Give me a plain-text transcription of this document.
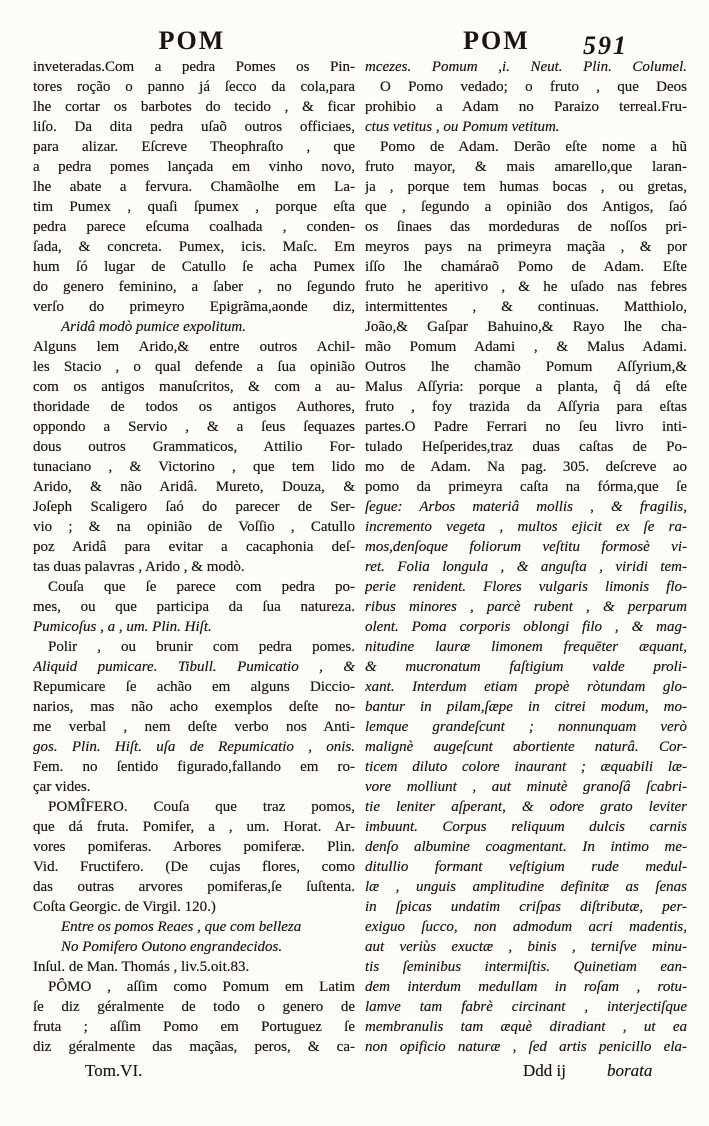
POM	POM	591
inveteradas.Com a pedra Pomes os Pin-
tores roção o panno já ſecco da cola,para
lhe cortar os barbotes do tecido , & ficar
liſo. Da dita pedra uſaõ outros officiaes,
para alizar. Eſcreve Theophraſto , que
a pedra pomes lançada em vinho novo,
lhe abate a fervura. Chamãolhe em La-
tim Pumex , quaſi ſpumex , porque eſta
pedra parece eſcuma coalhada , conden-
ſada, & concreta. Pumex, icis. Maſc. Em
hum ſó lugar de Catullo ſe acha Pumex
do genero feminino, a ſaber , no ſegundo
verſo do primeyro Epigrãma,aonde diz,
Aridâ modò pumice expolitum.
Alguns lem Arido,& entre outros Achil-
les Stacio , o qual defende a ſua opinião
com os antigos manuſcritos, & com a au-
thoridade de todos os antigos Authores,
oppondo a Servio , & a ſeus ſequazes
dous outros Grammaticos, Attilio For-
tunaciano , & Victorino , que tem lido
Arido, & não Aridâ. Mureto, Douza, &
Joſeph Scaligero ſaó do parecer de Ser-
vio ; & na opinião de Voſſio , Catullo
poz Aridâ para evitar a cacaphonia deſ-
tas duas palavras , Arido , & modò.
Couſa que ſe parece com pedra po-
mes, ou que participa da ſua natureza.
Pumicoſus , a , um. Plin. Hiſt.
Polir , ou brunir com pedra pomes.
Aliquid pumicare. Tibull. Pumicatio , &
Repumicare ſe achão em alguns Diccio-
narios, mas não acho exemplos deſte no-
me verbal , nem deſte verbo nos Anti-
gos. Plin. Hiſt. uſa de Repumicatio , onis.
Fem. no ſentido figurado,fallando em ro-
çar vides.
POMÎFERO. Couſa que traz pomos,
que dá fruta. Pomifer, a , um. Horat. Ar-
vores pomiferas. Arbores pomiferæ. Plin.
Vid. Fructifero. (De cujas flores, como
das outras arvores pomiferas,ſe ſuſtenta.
Coſta Georgic. de Virgil. 120.)
Entre os pomos Reaes , que com belleza
No Pomifero Outono engrandecidos.
Inſul. de Man. Thomás , liv.5.oit.83.
PÔMO , aſſim como Pomum em Latim
ſe diz géralmente de todo o genero de
fruta ; aſſim Pomo em Portuguez ſe
diz géralmente das maçãas, peros, & ca-
mcezes. Pomum ,i. Neut. Plin. Columel.
O Pomo vedado; o fruto , que Deos
prohibio a Adam no Paraizo terreal.Fru-
ctus vetitus , ou Pomum vetitum.
Pomo de Adam. Derão eſte nome a hũ
fruto mayor, & mais amarello,que laran-
ja , porque tem humas bocas , ou gretas,
que , ſegundo a opinião dos Antigos, ſaó
os ſinaes das mordeduras de noſſos pri-
meyros pays na primeyra maçãa , & por
iſſo lhe chamáraõ Pomo de Adam. Eſte
fruto he aperitivo , & he uſado nas febres
intermittentes , & continuas. Matthiolo,
João,& Gaſpar Bahuino,& Rayo lhe cha-
mão Pomum Adami , & Malus Adami.
Outros lhe chamão Pomum Aſſyrium,&
Malus Aſſyria: porque a planta, q̃ dá eſte
fruto , foy trazida da Aſſyria para eſtas
partes.O Padre Ferrari no ſeu livro inti-
tulado Heſperides,traz duas caſtas de Po-
mo de Adam. Na pag. 305. deſcreve ao
pomo da primeyra caſta na fórma,que ſe
ſegue: Arbos materiâ mollis , & fragilis,
incremento vegeta , multos ejicit ex ſe ra-
mos,denſoque foliorum veſtitu formosè vi-
ret. Folia longula , & anguſta , viridi tem-
perie renident. Flores vulgaris limonis flo-
ribus minores , parcè rubent , & perparum
olent. Poma corporis oblongi filo , & mag-
nitudine lauræ limonem frequēter æquant,
& mucronatum faſtigium valde proli-
xant. Interdum etiam propè ròtundam glo-
bantur in pilam,ſæpe in citrei modum, mo-
lemque grandeſcunt ; nonnunquam verò
malignè augeſcunt abortiente naturâ. Cor-
ticem diluto colore inaurant ; æquabili læ-
vore molliunt , aut minutè granoſâ ſcabri-
tie leniter aſperant, & odore grato leviter
imbuunt. Corpus reliquum dulcis carnis
denſo albumine coagmentant. In intimo me-
ditullio formant veſtigium rude medul-
læ , unguis amplitudine definitæ as ſenas
in ſpicas undatim criſpas diſtributæ, per-
exiguo ſucco, non admodum acri madentis,
aut veriùs exuctæ , binis , terniſve minu-
tis ſeminibus intermiſtis. Quinetiam ean-
dem interdum medullam in roſam , rotu-
lamve tam fabrè circinant , interjectiſque
membranulis tam æquè diradiant , ut ea
non opificio naturæ , ſed artis penicillo ela-
Tom.VI.	Ddd ij borata
